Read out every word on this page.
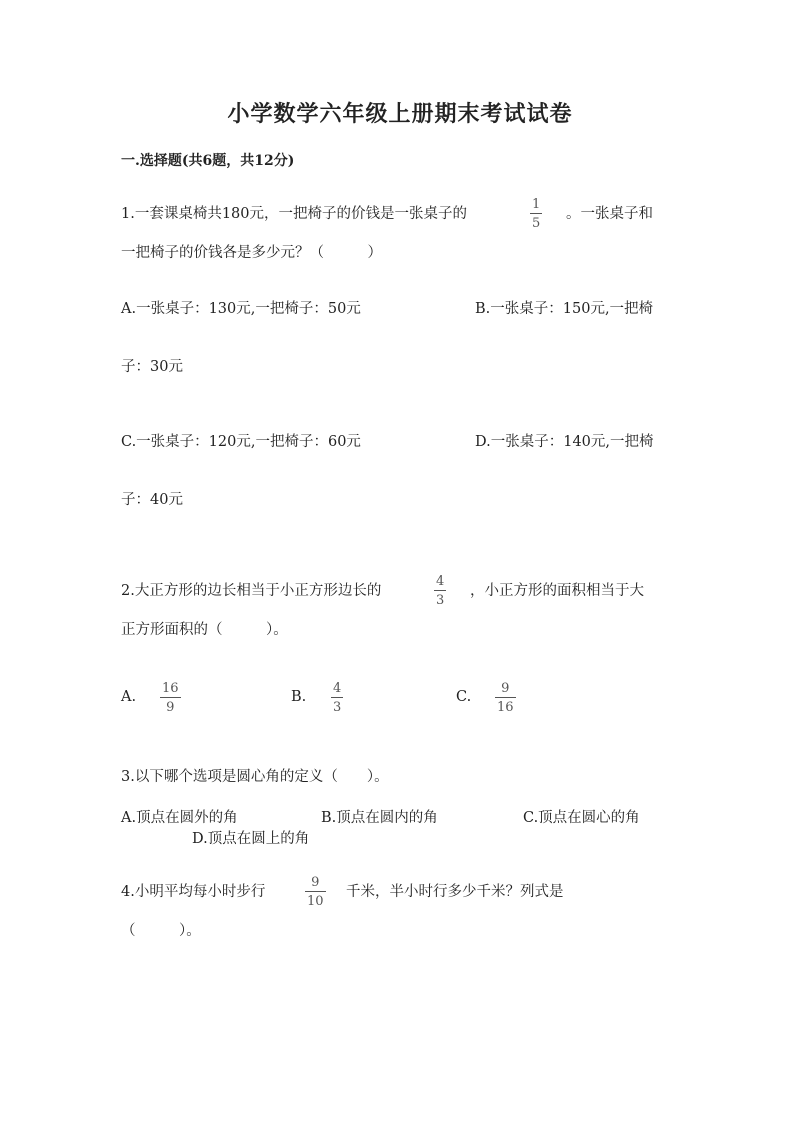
小学数学六年级上册期末考试试卷
一.选择题(共6题，共12分)
1.一套课桌椅共180元，一把椅子的价钱是一张桌子的
1
5
。一张桌子和
一把椅子的价钱各是多少元？（　　　）
A.一张桌子：130元,一把椅子：50元	B.一张桌子：150元,一把椅
子：30元
C.一张桌子：120元,一把椅子：60元	D.一张桌子：140元,一把椅
子：40元
2.大正方形的边长相当于小正方形边长的
4
3
，小正方形的面积相当于大
正方形面积的（　　　）。
A.
16
9
B.
4
3
C.
9
16
3.以下哪个选项是圆心角的定义（　　）。
A.顶点在圆外的角	B.顶点在圆内的角	C.顶点在圆心的角
D.顶点在圆上的角
4.小明平均每小时步行
9
10
千米，半小时行多少千米？列式是
（　　　）。
